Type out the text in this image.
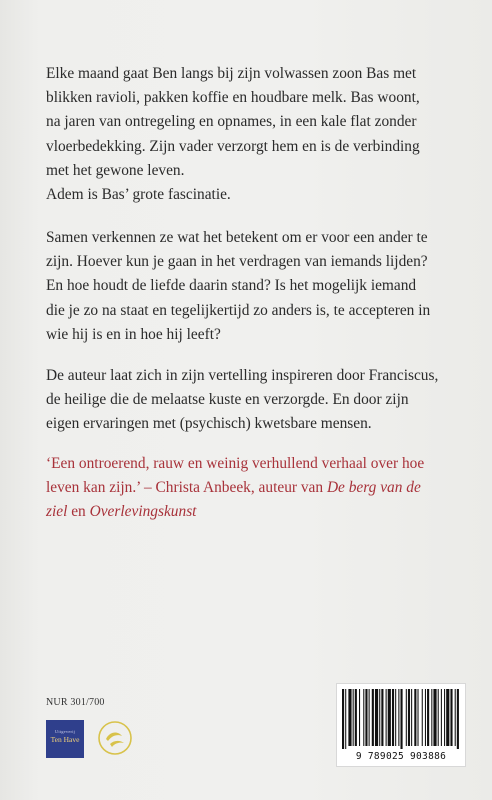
Elke maand gaat Ben langs bij zijn volwassen zoon Bas met
blikken ravioli, pakken koffie en houdbare melk. Bas woont,
na jaren van ontregeling en opnames, in een kale flat zonder
vloerbedekking. Zijn vader verzorgt hem en is de verbinding
met het gewone leven.
Adem is Bas’ grote fascinatie.
Samen verkennen ze wat het betekent om er voor een ander te
zijn. Hoever kun je gaan in het verdragen van iemands lijden?
En hoe houdt de liefde daarin stand? Is het mogelijk iemand
die je zo na staat en tegelijkertijd zo anders is, te accepteren in
wie hij is en in hoe hij leeft?
De auteur laat zich in zijn vertelling inspireren door Franciscus,
de heilige die de melaatse kuste en verzorgde. En door zijn
eigen ervaringen met (psychisch) kwetsbare mensen.
‘Een ontroerend, rauw en weinig verhullend verhaal over hoe
leven kan zijn.’ – Christa Anbeek, auteur van De berg van de
ziel en Overlevingskunst
NUR 301/700
Uitgeverij
Ten Have
9 789025 903886
